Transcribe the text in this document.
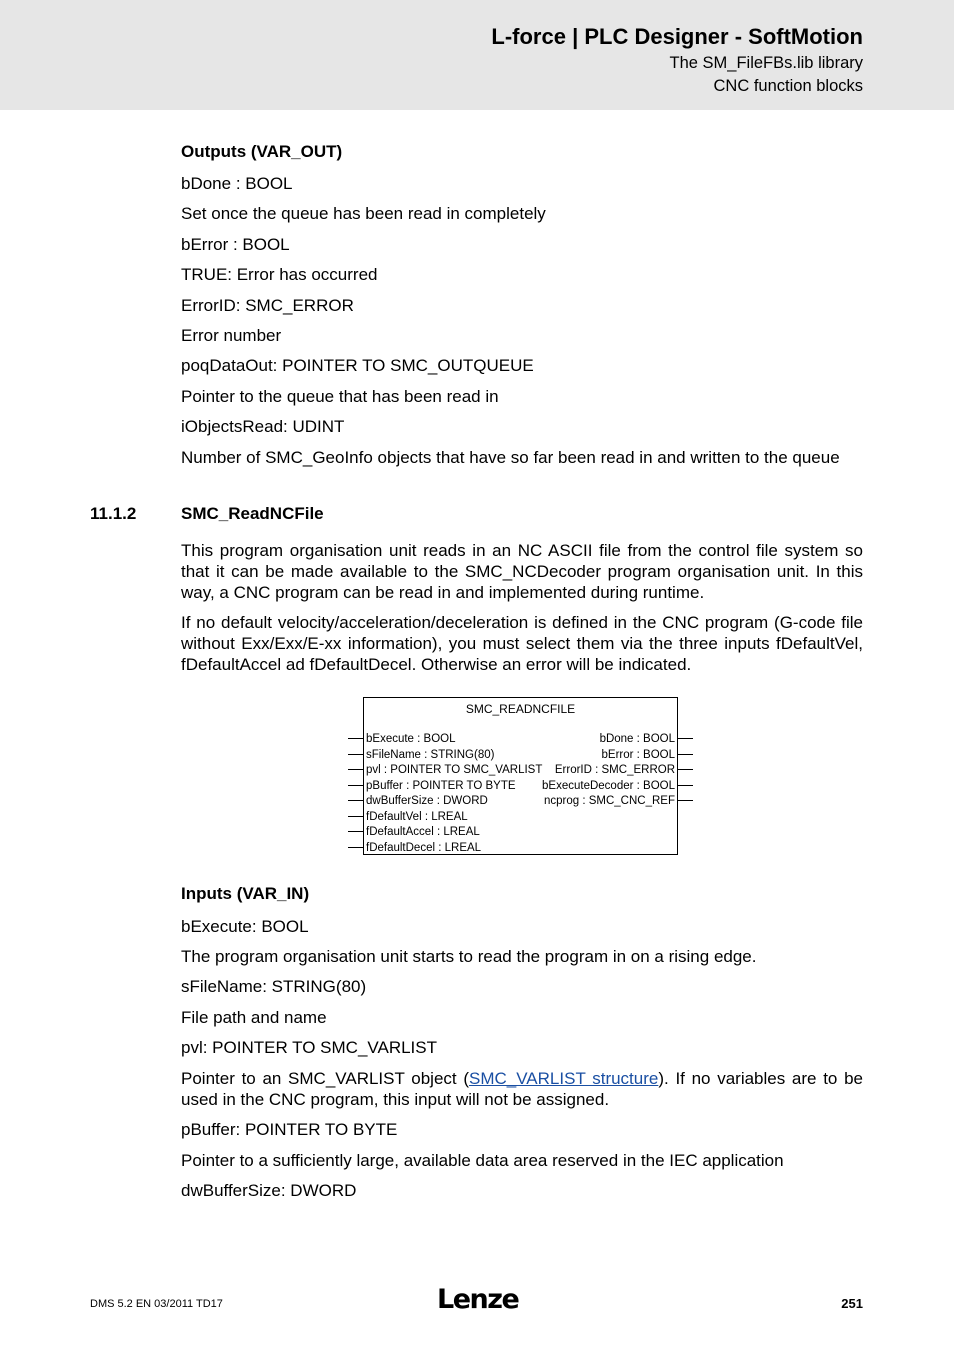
L-force | PLC Designer - SoftMotion
The SM_FileFBs.lib library
CNC function blocks
Outputs (VAR_OUT)
bDone : BOOL
Set once the queue has been read in completely
bError : BOOL
TRUE: Error has occurred
ErrorID: SMC_ERROR
Error number
poqDataOut: POINTER TO SMC_OUTQUEUE
Pointer to the queue that has been read in
iObjectsRead: UDINT
Number of SMC_GeoInfo objects that have so far been read in and written to the queue
11.1.2	SMC_ReadNCFile
This program organisation unit reads in an NC ASCII file from the control file system so that it can be made available to the SMC_NCDecoder program organisation unit. In this way, a CNC program can be read in and implemented during runtime.
If no default velocity/acceleration/deceleration is defined in the CNC program (G-code file without Exx/Exx/E-xx information), you must select them via the three inputs fDefaultVel, fDefaultAccel ad fDefaultDecel. Otherwise an error will be indicated.
SMC_READNCFILE
bExecute : BOOL
sFileName : STRING(80)
pvl : POINTER TO SMC_VARLIST
pBuffer : POINTER TO BYTE
dwBufferSize : DWORD
fDefaultVel : LREAL
fDefaultAccel : LREAL
fDefaultDecel : LREAL
bDone : BOOL
bError : BOOL
ErrorID : SMC_ERROR
bExecuteDecoder : BOOL
ncprog : SMC_CNC_REF
Inputs (VAR_IN)
bExecute: BOOL
The program organisation unit starts to read the program in on a rising edge.
sFileName: STRING(80)
File path and name
pvl: POINTER TO SMC_VARLIST
Pointer to an SMC_VARLIST object (SMC_VARLIST structure). If no variables are to be used in the CNC program, this input will not be assigned.
pBuffer: POINTER TO BYTE
Pointer to a sufficiently large, available data area reserved in the IEC application
dwBufferSize: DWORD
DMS 5.2 EN 03/2011 TD17	Lenze	251
